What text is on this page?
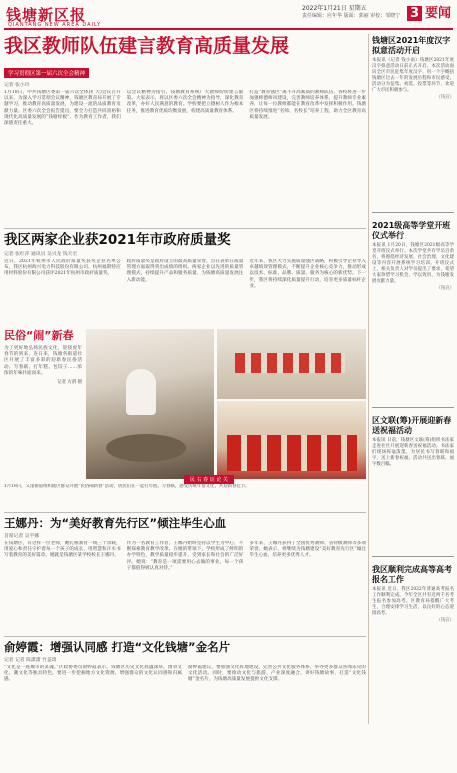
钱塘新区报
QIANTANG NEW AREA DAILY
2022年1月21日 星期五
责任编辑：应年华 版面：郭丽 审校：邹晓宁 3 要闻
我区教师队伍建言教育高质量发展
学习贯彻区第一届六次全会精神
记者 张小玲
1月18日，中共钱塘区委第一届六次全体(扩大)会议召开以来，为深入学习贯彻会议精神，钱塘区教育局开展了专题学习，推动教育高质量发展，为建设一流的品质教育贡献力量。区委六次全会报告提出，要全力打造共同富裕和现代化高质量发展的“钱塘样板”。作为教育工作者，我们深感责任重大。
以会议精神为指引，钱塘教育系统广大教师纷纷建言献策。大家表示，将以区委六次全会精神为指导，深化教育改革，办好人民满意的教育。学校要把立德树人作为根本任务，推进教育优质均衡发展，构建高质量教育体系。
打造“教育强区”离不开高素质的教师队伍。各校将进一步加强师德师风建设，完善教师培养体系，提升教师专业素养，让每一位教师都能在教育改革中发挥积极作用。钱塘区将持续推进“名师、名校长”培养工程，助力全区教育高质量发展。
我区两家企业获2021年市政府质量奖
记者 张红萍 通讯员 吴兴龙 钱天宏
近日，2021年杭州市人民政府质量奖获奖企业名单公布。我区杭州海兴电力科技股份有限公司、杭州福斯特应用材料股份有限公司获评2021年杭州市政府质量奖。
政府质量奖是政府设立的最高质量荣誉，旨在表彰在质量管理方面取得突出成绩的组织。两家企业以先进的质量管理模式，持续提升产品和服务质量，为钱塘高质量发展注入新动能。
近年来，我区大力实施质量强区战略，积极引导企业导入卓越绩效管理模式，不断提升企业核心竞争力，推动形成以技术、标准、品牌、质量、服务为核心的新优势。下一步，我区将持续深化质量提升行动，培育更多质量标杆企业。
民俗“闹”新春
为了更好地弘扬民族文化，迎接虎年春节的到来，连日来，钱塘各街道社区开展了丰富多彩的迎新春民俗活动。写春联、打年糕、包饺子……浓浓的年味扑面而来。
记者 方渭 摄
民 右 春 证 论 关
1月18日，义蓬街道组织辖区群众开展“民俗闹新春”活动，居民们在一起打年糕、写春联，感受传统年俗文化，共迎新春佳节。
王娜丹：为“美好教育先行区”倾注毕生心血
首席记者 吴平娜
在钱塘区，有这样一位老师，她扎根教育一线三十余载，用爱心和责任守护着每一个孩子的成长，用智慧和汗水书写着教育的美好篇章。她就是钱塘区某学校校长王娜丹。
作为一名教育工作者，王娜丹始终坚持以学生为中心，不断探索教育教学改革。在她的带领下，学校形成了鲜明的办学特色，教学质量稳步提升，受到家长和社会的广泛好评。她说：“教育是一项需要用心去做的事业，每一个孩子都值得被认真对待。”
多年来，王娜丹获得了全国优秀教师、省特级教师等多项荣誉。她表示，将继续为钱塘建设“美好教育先行区”倾注毕生心血，培养更多优秀人才。
俞婷霞：增强认同感 打造“文化钱塘”金名片
记者 记者 陈潇潇 竹盖琦
“文化是一座城市的灵魂。”区政协委员俞婷霞表示，钱塘区历史文化底蕴深厚，围垦文化、潮文化等独具特色。要进一步挖掘地方文化资源，增强群众的文化认同感和归属感。
俞婷霞建议，要加强文化阵地建设，完善公共文化服务体系，举办更多群众喜闻乐见的文化活动。同时，要推动文化与旅游、产业深度融合，讲好钱塘故事，打造“文化钱塘”金名片，为钱塘高质量发展提供文化支撑。
钱塘区2021年度汉字拟意活动开启
本报讯（记者 钱小雨）钱塘区2021年度汉字拟意活动日前正式开启。本次活动面向全区市民征集年度汉字，用一个字概括钱塘区过去一年的发展历程和市民感受。活动分为征集、初选、投票等环节，欢迎广大市民积极参与。
（钱宣）
2021级高等学堂开班仪式举行
本报讯 1月20日，钱塘区2021级高等学堂开班仪式举行。本次学堂共有学员百余名，将围绕经济发展、社会治理、文化建设等内容开展系统学习培训。开班仪式上，相关负责人对学员提出了要求，希望大家珍惜学习机会，学以致用，为钱塘发展贡献力量。
（钱宣）
区文联(筹)开展迎新春送祝福活动
本报讯 日前，钱塘区文联(筹)组织书法家走进社区开展迎新春送祝福活动。书法家们现场挥毫泼墨，为居民书写春联和福字，送上新春祝福。活动共送出春联、福字数百幅。
我区顺利完成高等高考报名工作
本报讯 近日，我区2022年普通高考报名工作顺利完成。今年全区共有近两千名考生报名参加高考。区教育局提醒广大考生，合理安排学习生活，以良好的心态迎接高考。
（钱宣）
